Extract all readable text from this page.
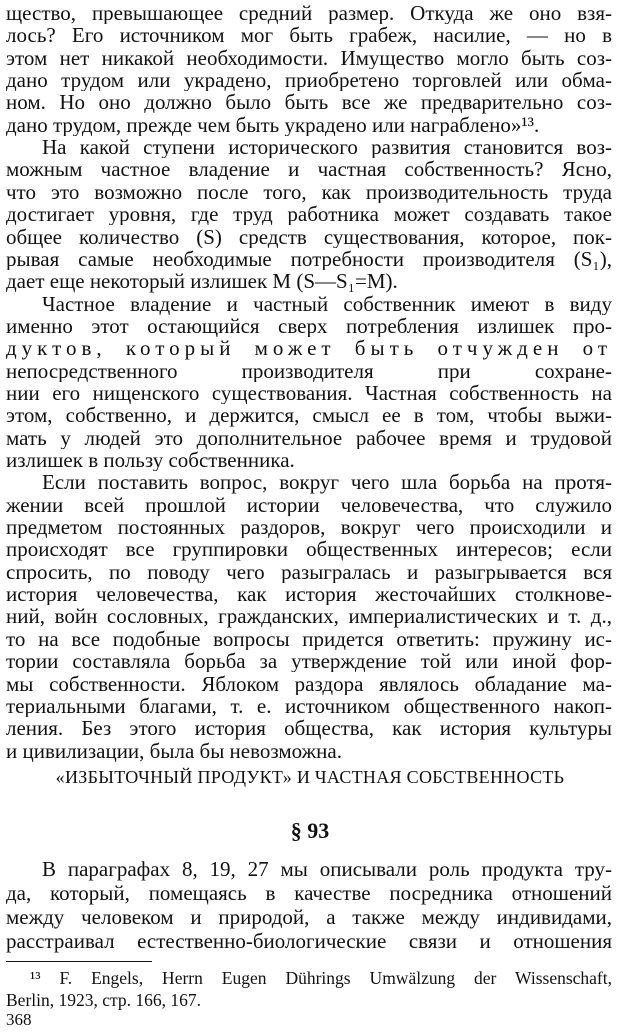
щество, превышающее средний размер. Откуда же оно взя-
лось? Его источником мог быть грабеж, насилие, — но в
этом нет никакой необходимости. Имущество могло быть соз-
дано трудом или украдено, приобретено торговлей или обма-
ном. Но оно должно было быть все же предварительно соз-
дано трудом, прежде чем быть украдено или награблено»¹³.
На какой ступени исторического развития становится воз-
можным частное владение и частная собственность? Ясно,
что это возможно после того, как производительность труда
достигает уровня, где труд работника может создавать такое
общее количество (S) средств существования, которое, пок-
рывая самые необходимые потребности производителя (S₁),
дает еще некоторый излишек M (S—S₁=M).
Частное владение и частный собственник имеют в виду
именно этот остающийся сверх потребления излишек про-
дуктов, который может быть отчужден от
непосредственного производителя при сохране-
нии его нищенского существования. Частная собственность на
этом, собственно, и держится, смысл ее в том, чтобы выжи-
мать у людей это дополнительное рабочее время и трудовой
излишек в пользу собственника.
Если поставить вопрос, вокруг чего шла борьба на протя-
жении всей прошлой истории человечества, что служило
предметом постоянных раздоров, вокруг чего происходили и
происходят все группировки общественных интересов; если
спросить, по поводу чего разыгралась и разыгрывается вся
история человечества, как история жесточайших столкнове-
ний, войн сословных, гражданских, империалистических и т. д.,
то на все подобные вопросы придется ответить: пружину ис-
тории составляла борьба за утверждение той или иной фор-
мы собственности. Яблоком раздора являлось обладание ма-
териальными благами, т. е. источником общественного накоп-
«ИЗБЫТОЧНЫЙ ПРОДУКТ» И ЧАСТНАЯ СОБСТВЕННОСТЬ
§ 93
В параграфах 8, 19, 27 мы описывали роль продукта тру-
да, который, помещаясь в качестве посредника отношений
между человеком и природой, а также между индивидами,
расстраивал естественно-биологические связи и отношения
¹³ F. Engels, Herrn Eugen Dührings Umwälzung der Wissenschaft,
Berlin, 1923, стр. 166, 167.
368
ления. Без этого история общества, как история культуры
и цивилизации, была бы невозможна.
